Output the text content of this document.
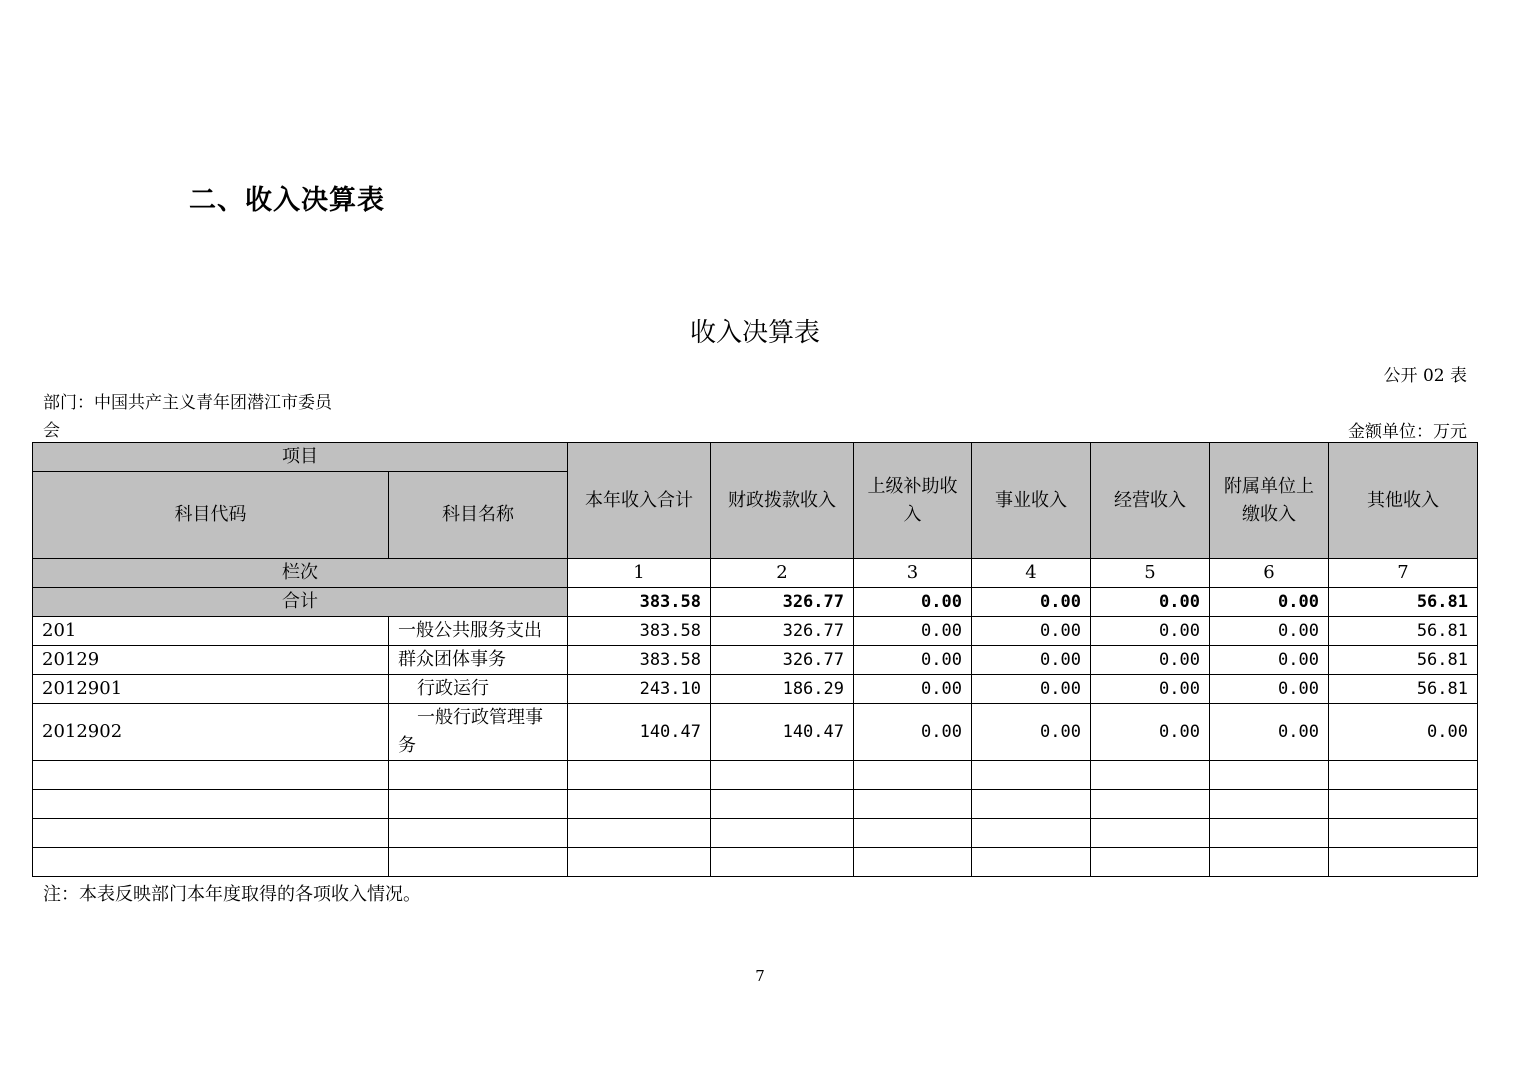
二、收入决算表
收入决算表
公开 02 表
部门：中国共产主义青年团潜江市委员会	金额单位：万元
项目		本年收入合计	财政拨款收入	上级补助收入	事业收入	经营收入	附属单位上缴收入	其他收入
科目代码	科目名称							
栏次		1	2	3	4	5	6	7
合计		383.58	326.77	0.00	0.00	0.00	0.00	56.81
201	一般公共服务支出	383.58	326.77	0.00	0.00	0.00	0.00	56.81
20129	群众团体事务	383.58	326.77	0.00	0.00	0.00	0.00	56.81
2012901	行政运行	243.10	186.29	0.00	0.00	0.00	0.00	56.81
2012902	一般行政管理事务	140.47	140.47	0.00	0.00	0.00	0.00	0.00

注：本表反映部门本年度取得的各项收入情况。
7
